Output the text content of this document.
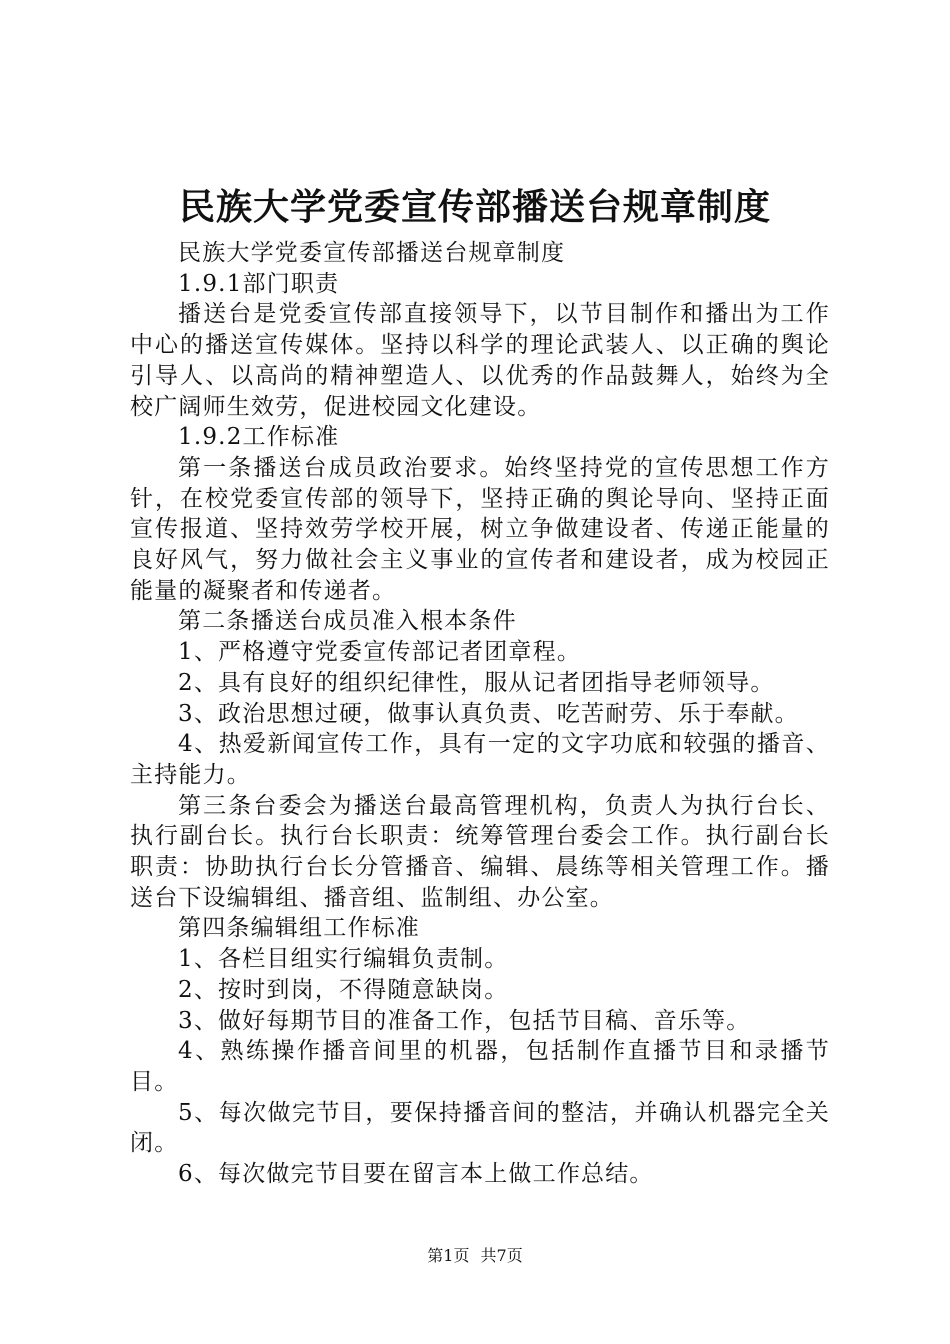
民族大学党委宣传部播送台规章制度

民族大学党委宣传部播送台规章制度

1.9.1部门职责

播送台是党委宣传部直接领导下，以节目制作和播出为工作中心的播送宣传媒体。坚持以科学的理论武装人、以正确的舆论引导人、以高尚的精神塑造人、以优秀的作品鼓舞人，始终为全校广阔师生效劳，促进校园文化建设。

1.9.2工作标准

第一条播送台成员政治要求。始终坚持党的宣传思想工作方针，在校党委宣传部的领导下，坚持正确的舆论导向、坚持正面宣传报道、坚持效劳学校开展，树立争做建设者、传递正能量的良好风气，努力做社会主义事业的宣传者和建设者，成为校园正能量的凝聚者和传递者。

第二条播送台成员准入根本条件

1、严格遵守党委宣传部记者团章程。

2、具有良好的组织纪律性，服从记者团指导老师领导。

3、政治思想过硬，做事认真负责、吃苦耐劳、乐于奉献。

4、热爱新闻宣传工作，具有一定的文字功底和较强的播音、主持能力。

第三条台委会为播送台最高管理机构，负责人为执行台长、执行副台长。执行台长职责：统筹管理台委会工作。执行副台长职责：协助执行台长分管播音、编辑、晨练等相关管理工作。播送台下设编辑组、播音组、监制组、办公室。

第四条编辑组工作标准

1、各栏目组实行编辑负责制。

2、按时到岗，不得随意缺岗。

3、做好每期节目的准备工作，包括节目稿、音乐等。

4、熟练操作播音间里的机器，包括制作直播节目和录播节目。

5、每次做完节目，要保持播音间的整洁，并确认机器完全关闭。

6、每次做完节目要在留言本上做工作总结。

第1页 共7页
